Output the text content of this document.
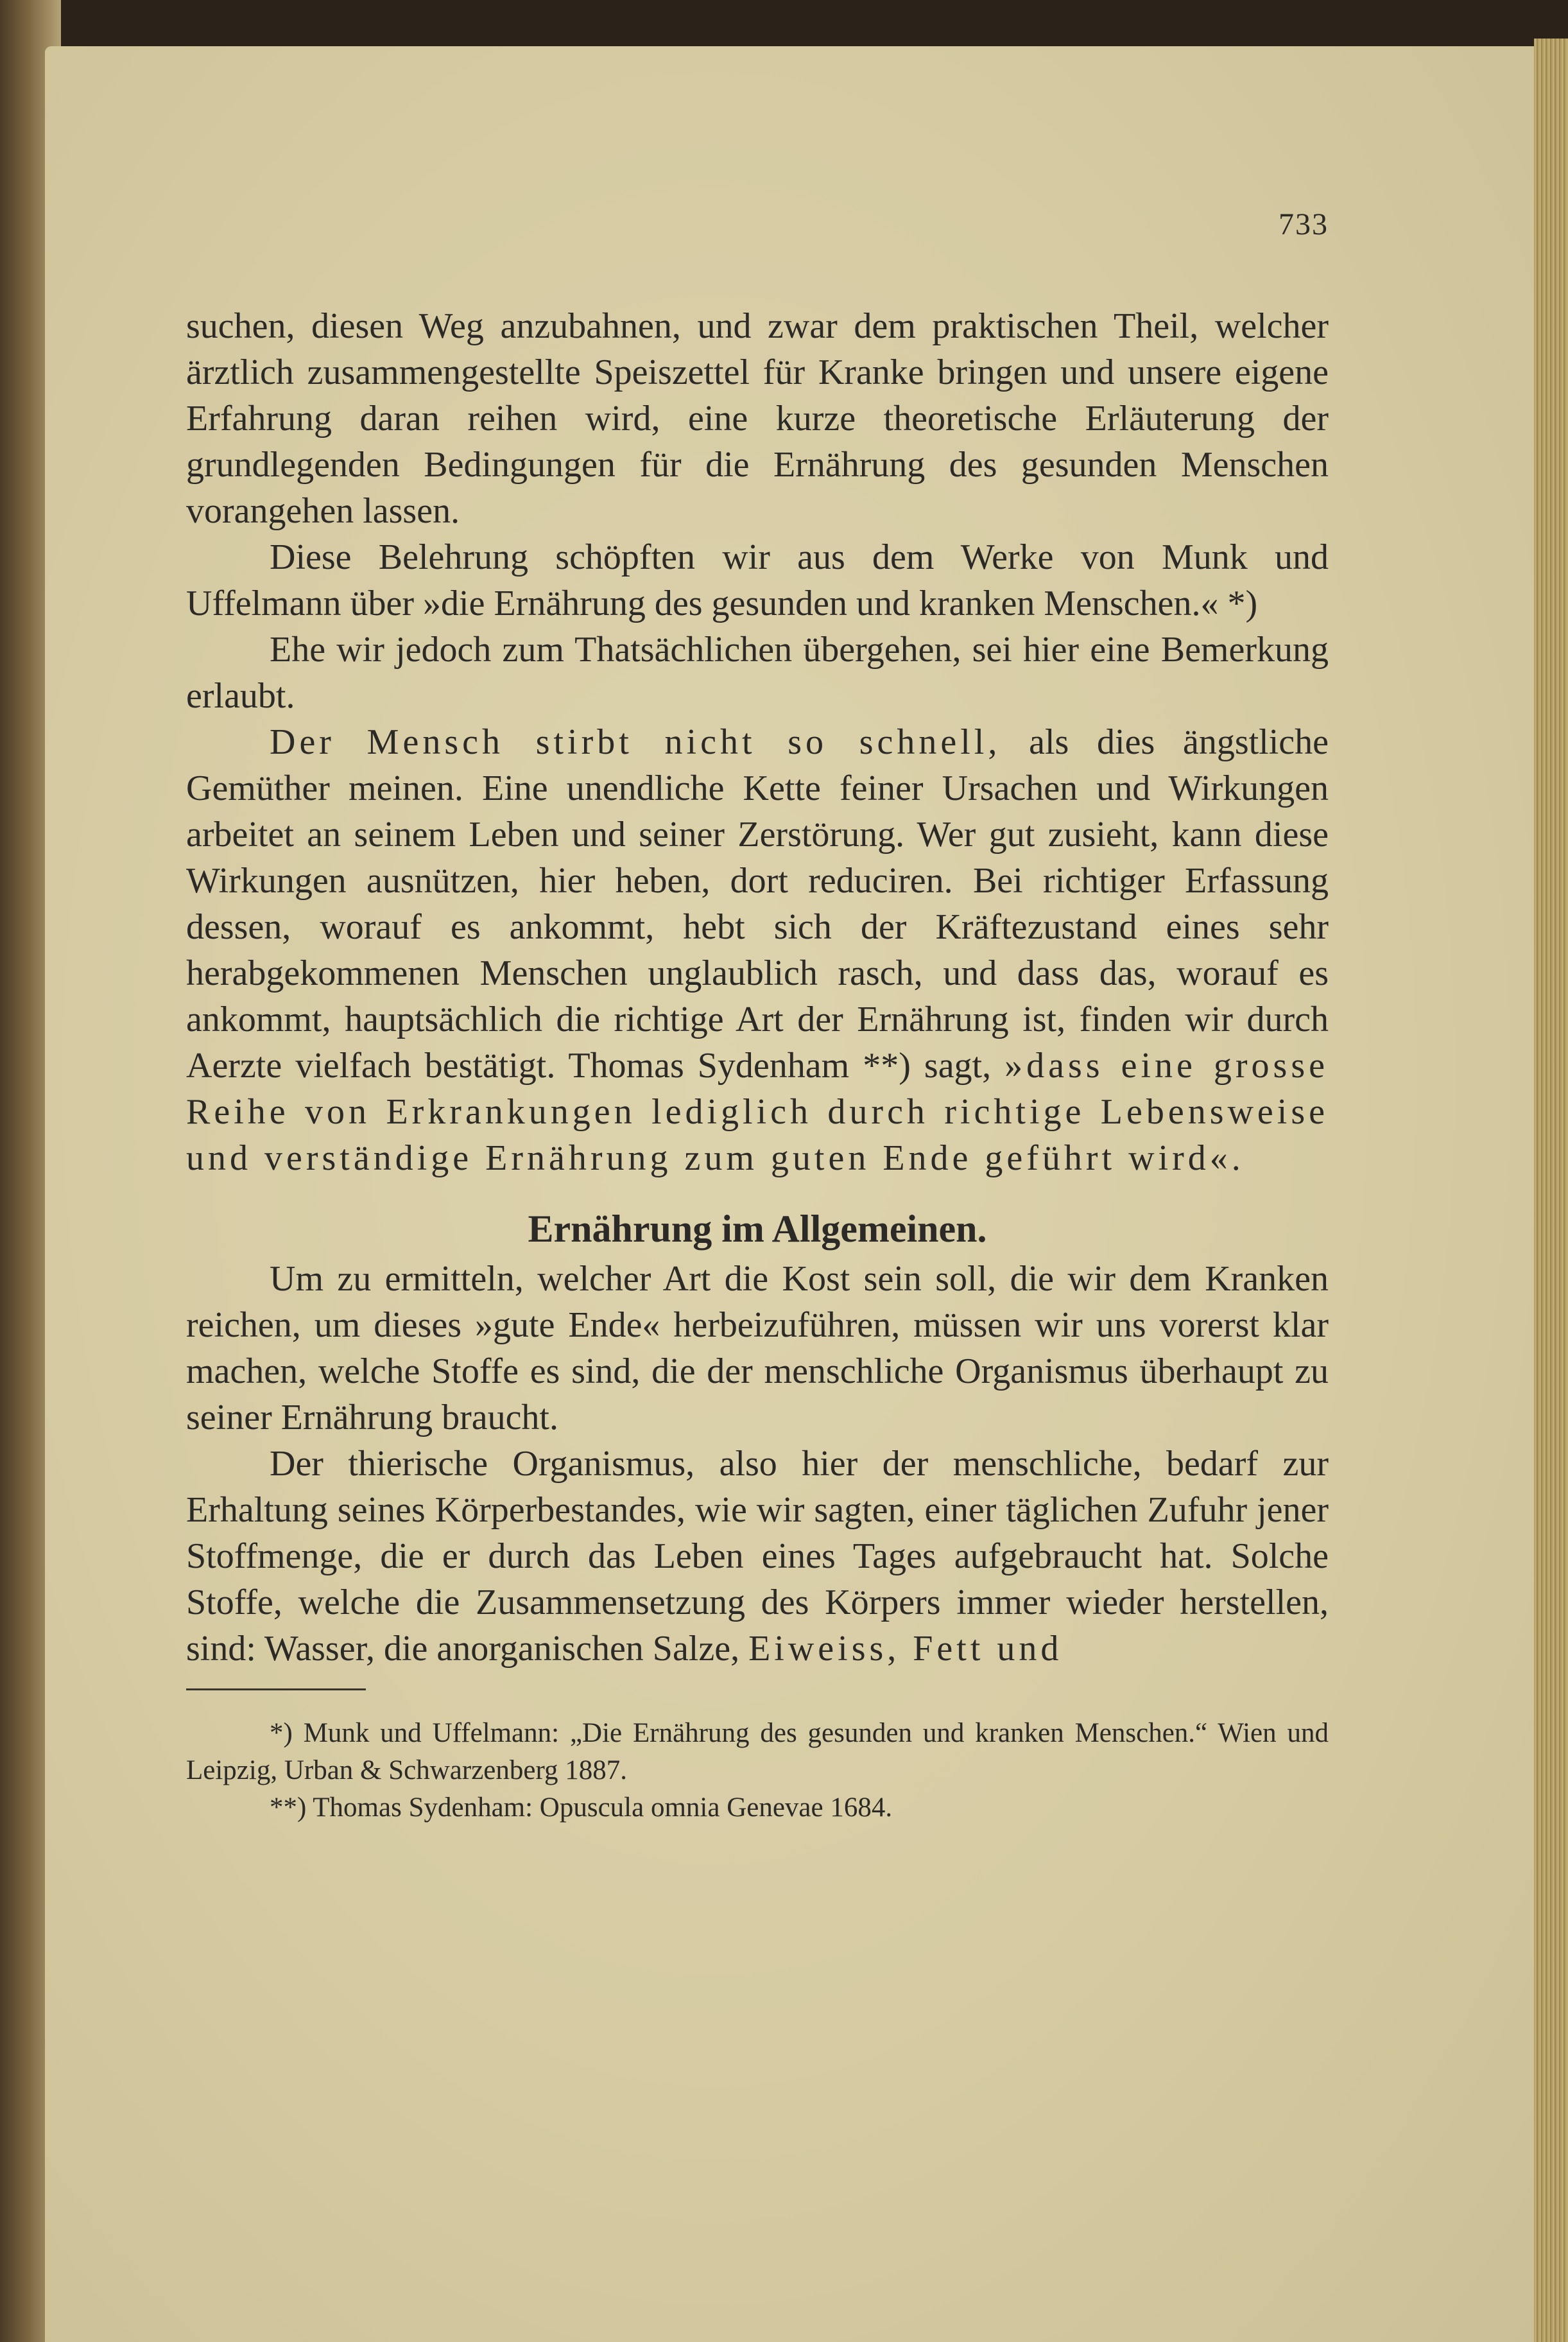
733

suchen, diesen Weg anzubahnen, und zwar dem praktischen Theil, welcher ärztlich zusammengestellte Speiszettel für Kranke bringen und unsere eigene Erfahrung daran reihen wird, eine kurze theoretische Erläuterung der grundlegenden Bedingungen für die Ernährung des gesunden Menschen vorangehen lassen.

Diese Belehrung schöpften wir aus dem Werke von Munk und Uffelmann über »die Ernährung des gesunden und kranken Menschen.« *)

Ehe wir jedoch zum Thatsächlichen übergehen, sei hier eine Bemerkung erlaubt.

Der Mensch stirbt nicht so schnell, als dies ängstliche Gemüther meinen. Eine unendliche Kette feiner Ursachen und Wirkungen arbeitet an seinem Leben und seiner Zerstörung. Wer gut zusieht, kann diese Wirkungen ausnützen, hier heben, dort reduciren. Bei richtiger Erfassung dessen, worauf es ankommt, hebt sich der Kräftezustand eines sehr herabgekommenen Menschen unglaublich rasch, und dass das, worauf es ankommt, hauptsächlich die richtige Art der Ernährung ist, finden wir durch Aerzte vielfach bestätigt. Thomas Sydenham **) sagt, »dass eine grosse Reihe von Erkrankungen lediglich durch richtige Lebensweise und verständige Ernährung zum guten Ende geführt wird«.

Ernährung im Allgemeinen.

Um zu ermitteln, welcher Art die Kost sein soll, die wir dem Kranken reichen, um dieses »gute Ende« herbeizuführen, müssen wir uns vorerst klar machen, welche Stoffe es sind, die der menschliche Organismus überhaupt zu seiner Ernährung braucht.

Der thierische Organismus, also hier der menschliche, bedarf zur Erhaltung seines Körperbestandes, wie wir sagten, einer täglichen Zufuhr jener Stoffmenge, die er durch das Leben eines Tages aufgebraucht hat. Solche Stoffe, welche die Zusammensetzung des Körpers immer wieder herstellen, sind: Wasser, die anorganischen Salze, Eiweiss, Fett und

*) Munk und Uffelmann: „Die Ernährung des gesunden und kranken Menschen.“ Wien und Leipzig, Urban & Schwarzenberg 1887.

**) Thomas Sydenham: Opuscula omnia Genevae 1684.
